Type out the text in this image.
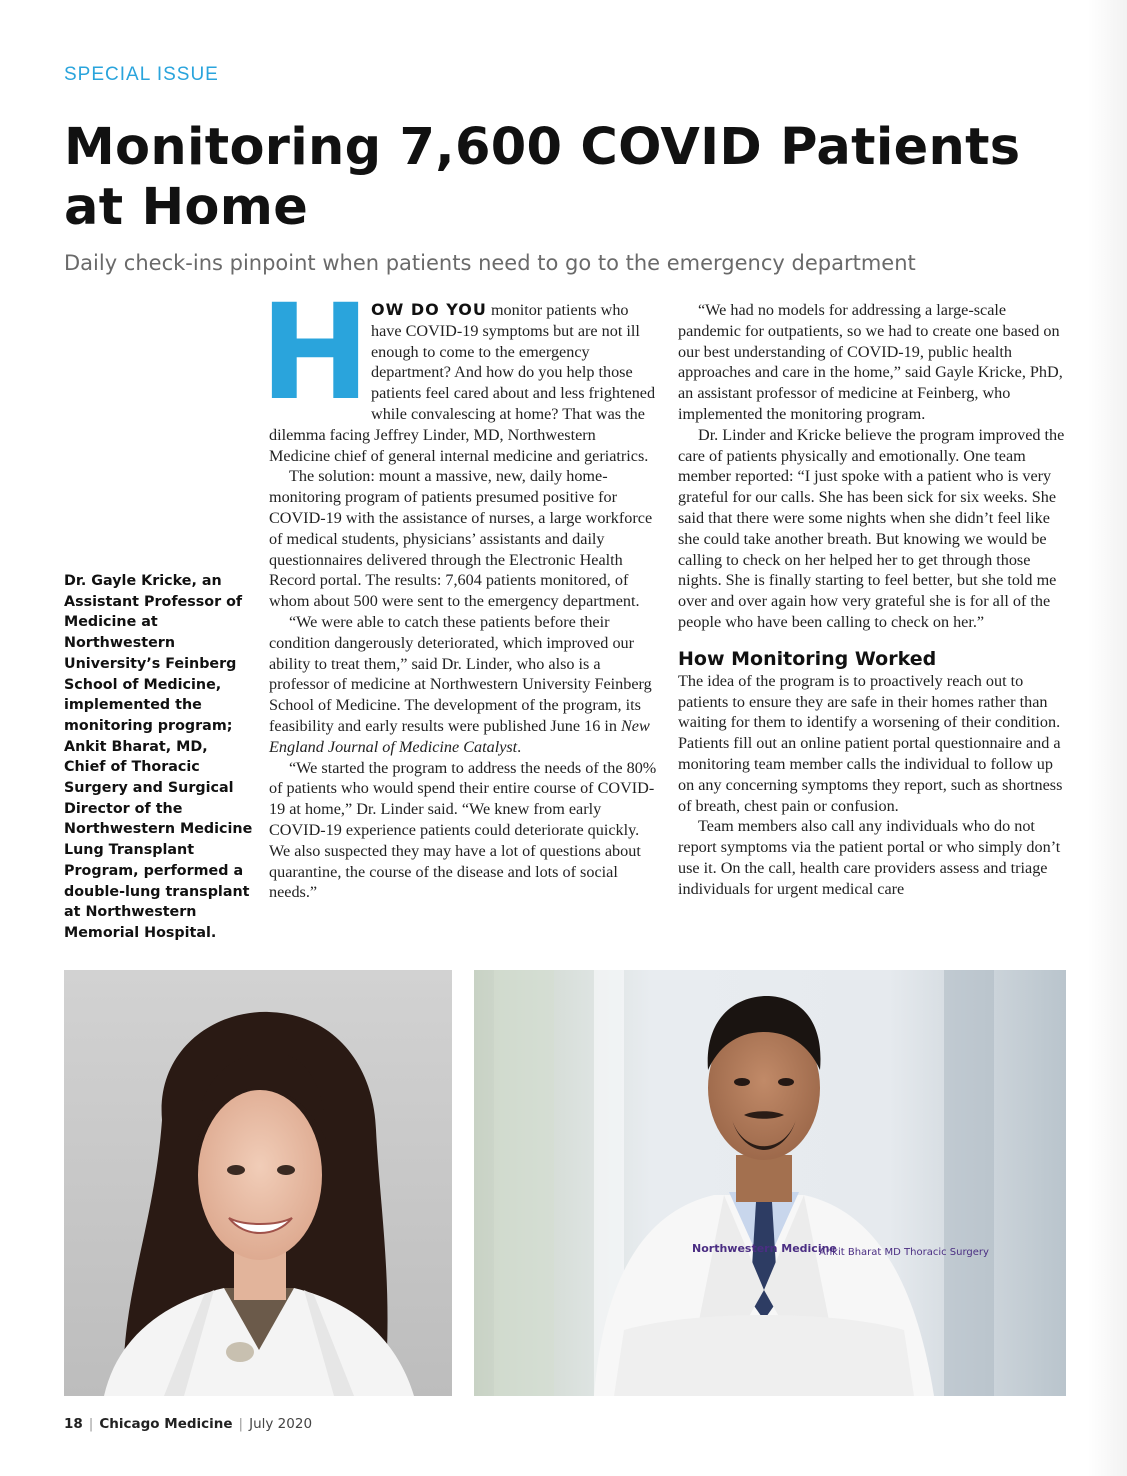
SPECIAL ISSUE
Monitoring 7,600 COVID Patients at Home
Daily check-ins pinpoint when patients need to go to the emergency department
Dr. Gayle Kricke, an Assistant Professor of Medicine at Northwestern University’s Feinberg School of Medicine, implemented the monitoring program; Ankit Bharat, MD, Chief of Thoracic Surgery and Surgical Director of the Northwestern Medicine Lung Transplant Program, performed a double-lung transplant at Northwestern Memorial Hospital.

HOW DO YOU monitor patients who have COVID-19 symptoms but are not ill enough to come to the emergency department? And how do you help those patients feel cared about and less frightened while convalescing at home? That was the dilemma facing Jeffrey Linder, MD, Northwestern Medicine chief of general internal medicine and geriatrics.

The solution: mount a massive, new, daily home-monitoring program of patients presumed positive for COVID-19 with the assistance of nurses, a large workforce of medical students, physicians’ assistants and daily questionnaires delivered through the Electronic Health Record portal. The results: 7,604 patients monitored, of whom about 500 were sent to the emergency department.

“We were able to catch these patients before their condition dangerously deteriorated, which improved our ability to treat them,” said Dr. Linder, who also is a professor of medicine at Northwestern University Feinberg School of Medicine. The development of the program, its feasibility and early results were published June 16 in New England Journal of Medicine Catalyst.

“We started the program to address the needs of the 80% of patients who would spend their entire course of COVID-19 at home,” Dr. Linder said. “We knew from early COVID-19 experience patients could deteriorate quickly. We also suspected they may have a lot of questions about quarantine, the course of the disease and lots of social needs.”

“We had no models for addressing a large-scale pandemic for outpatients, so we had to create one based on our best understanding of COVID-19, public health approaches and care in the home,” said Gayle Kricke, PhD, an assistant professor of medicine at Feinberg, who implemented the monitoring program.

Dr. Linder and Kricke believe the program improved the care of patients physically and emotionally. One team member reported: “I just spoke with a patient who is very grateful for our calls. She has been sick for six weeks. She said that there were some nights when she didn’t feel like she could take another breath. But knowing we would be calling to check on her helped her to get through those nights. She is finally starting to feel better, but she told me over and over again how very grateful she is for all of the people who have been calling to check on her.”

How Monitoring Worked

The idea of the program is to proactively reach out to patients to ensure they are safe in their homes rather than waiting for them to identify a worsening of their condition. Patients fill out an online patient portal questionnaire and a monitoring team member calls the individual to follow up on any concerning symptoms they report, such as shortness of breath, chest pain or confusion.

Team members also call any individuals who do not report symptoms via the patient portal or who simply don’t use it. On the call, health care providers assess and triage individuals for urgent medical care

Northwestern Medicine
Ankit Bharat MD Thoracic Surgery
18 | Chicago Medicine | July 2020
